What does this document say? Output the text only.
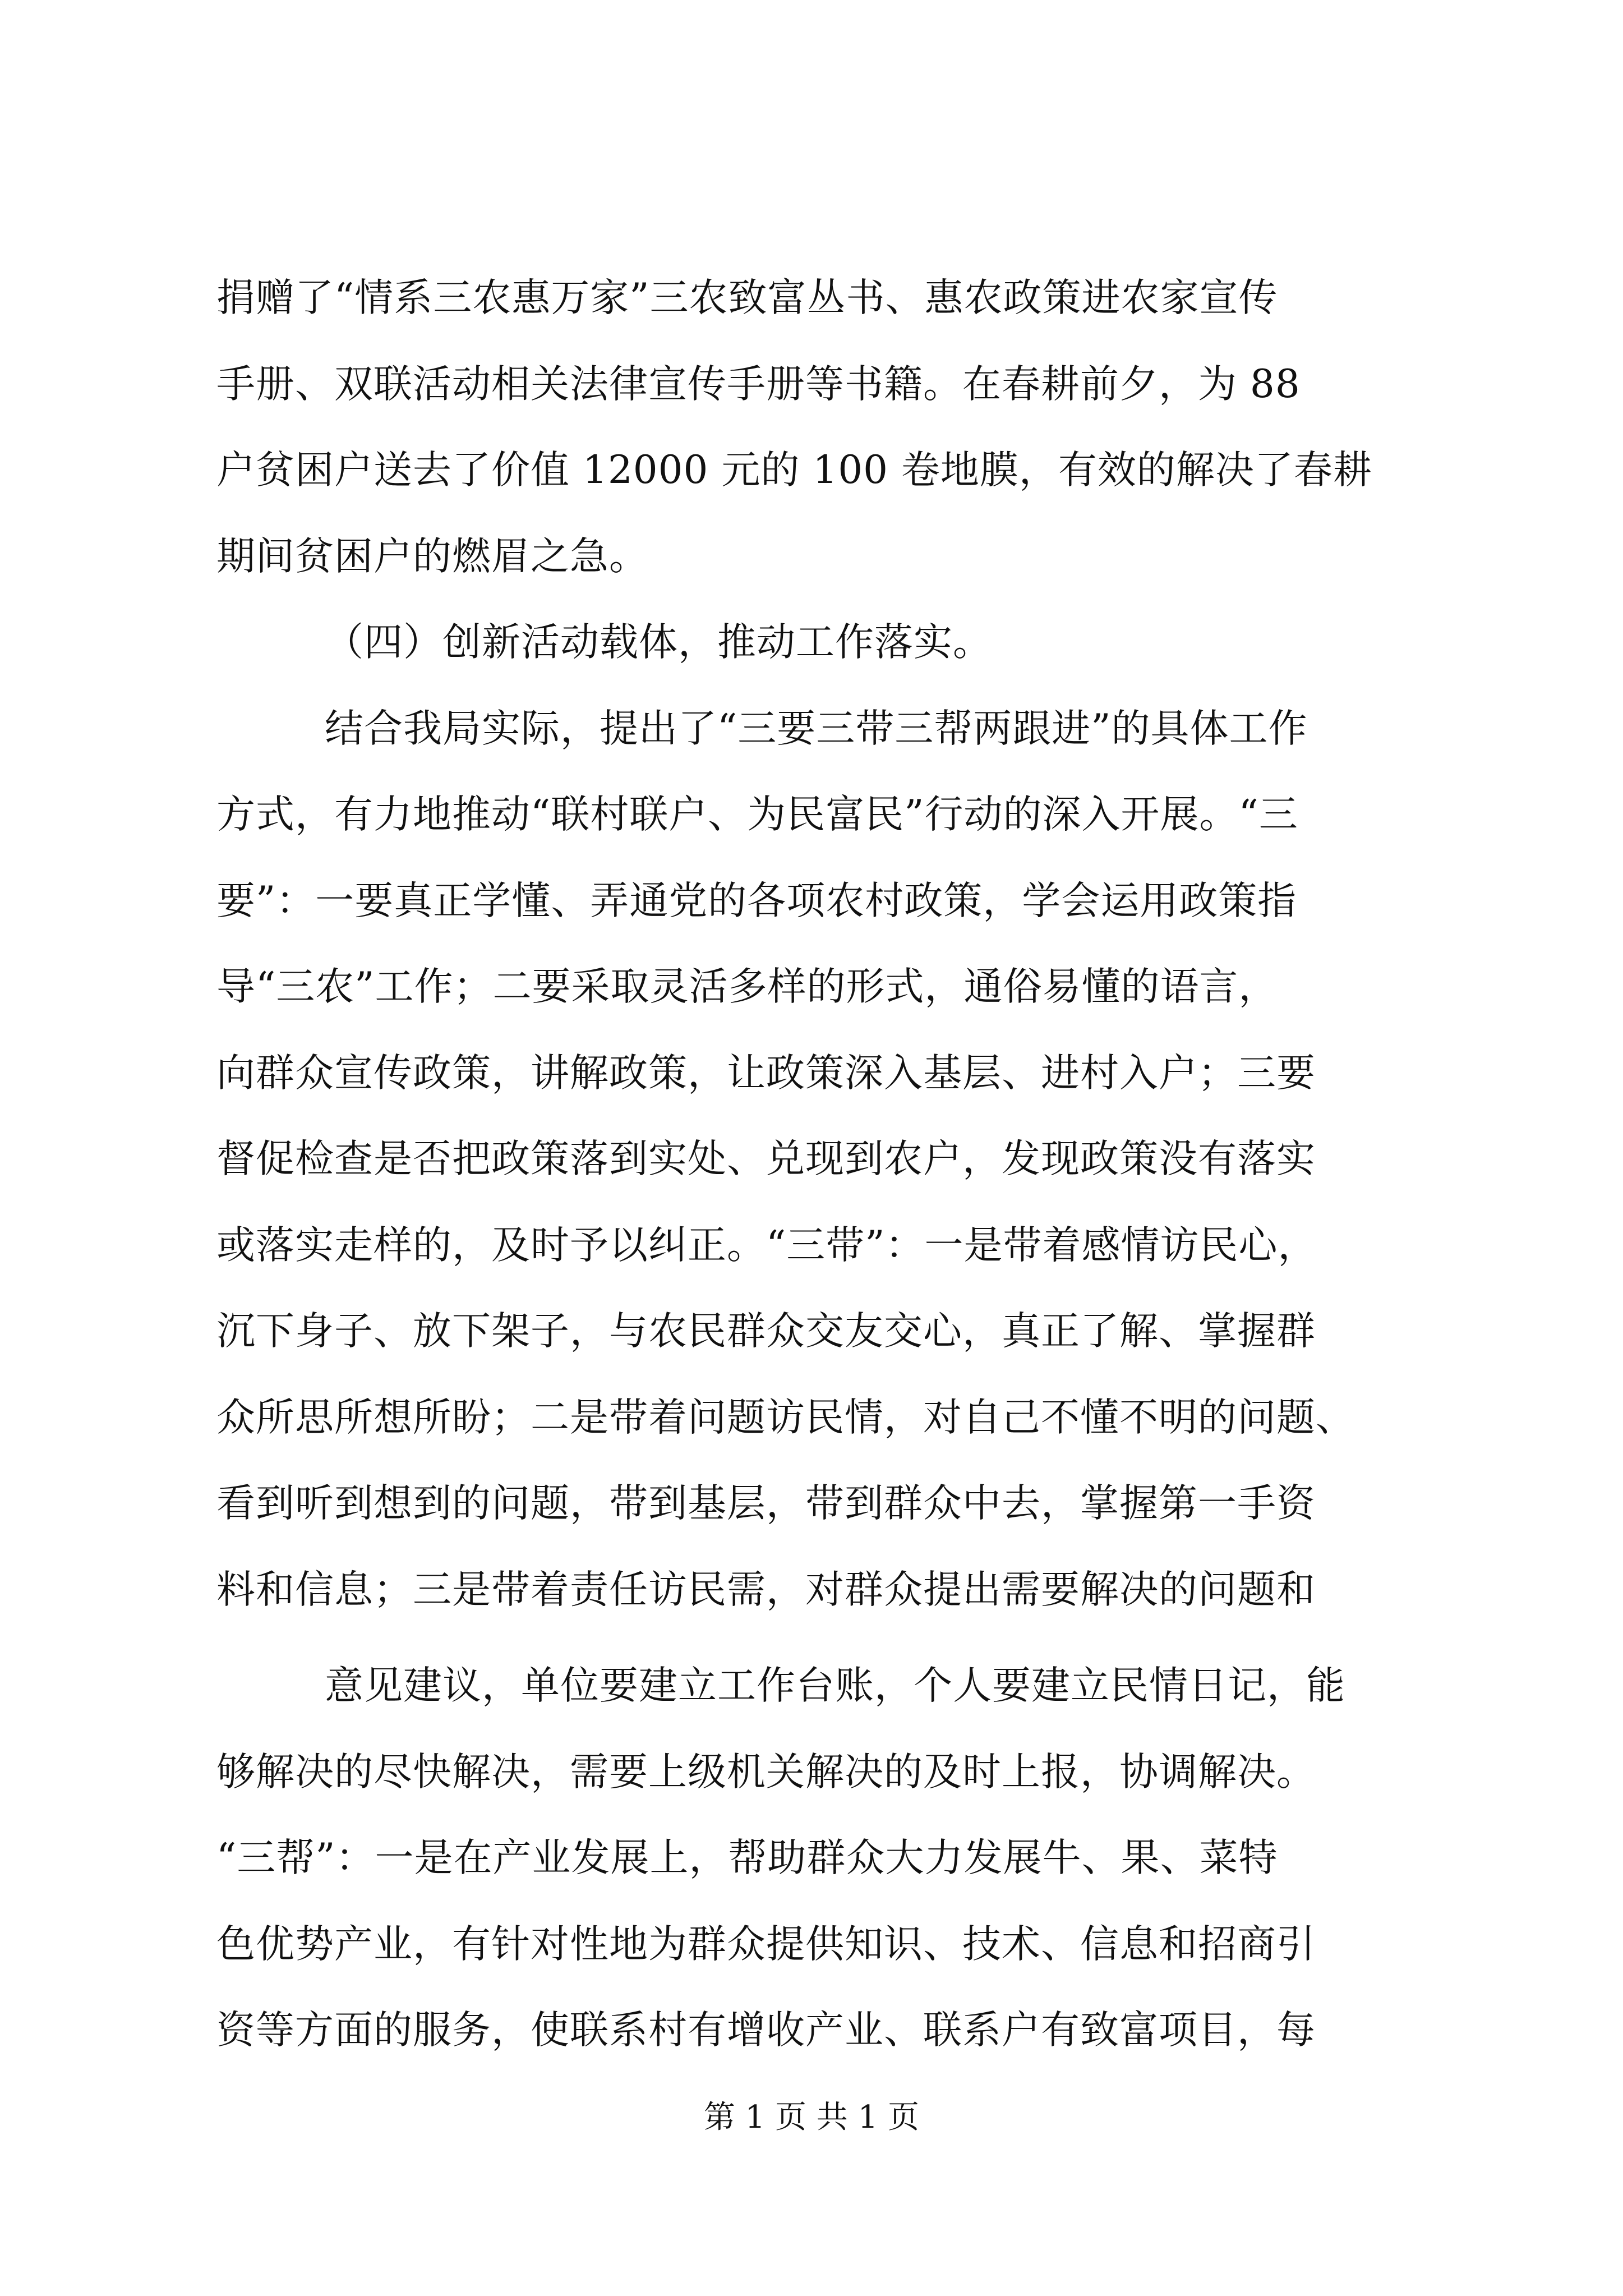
捐赠了“情系三农惠万家”三农致富丛书、惠农政策进农家宣传
手册、双联活动相关法律宣传手册等书籍。在春耕前夕，为 88
户贫困户送去了价值 12000 元的 100 卷地膜，有效的解决了春耕
期间贫困户的燃眉之急。
（四）创新活动载体，推动工作落实。
结合我局实际，提出了“三要三带三帮两跟进”的具体工作
方式，有力地推动“联村联户、为民富民”行动的深入开展。“三
要”：一要真正学懂、弄通党的各项农村政策，学会运用政策指
导“三农”工作；二要采取灵活多样的形式，通俗易懂的语言，
向群众宣传政策，讲解政策，让政策深入基层、进村入户；三要
督促检查是否把政策落到实处、兑现到农户，发现政策没有落实
或落实走样的，及时予以纠正。“三带”：一是带着感情访民心，
沉下身子、放下架子，与农民群众交友交心，真正了解、掌握群
众所思所想所盼；二是带着问题访民情，对自己不懂不明的问题、
看到听到想到的问题，带到基层，带到群众中去，掌握第一手资
料和信息；三是带着责任访民需，对群众提出需要解决的问题和
意见建议，单位要建立工作台账，个人要建立民情日记，能
够解决的尽快解决，需要上级机关解决的及时上报，协调解决。
“三帮”：一是在产业发展上，帮助群众大力发展牛、果、菜特
色优势产业，有针对性地为群众提供知识、技术、信息和招商引
资等方面的服务，使联系村有增收产业、联系户有致富项目，每
第 1 页 共 1 页
